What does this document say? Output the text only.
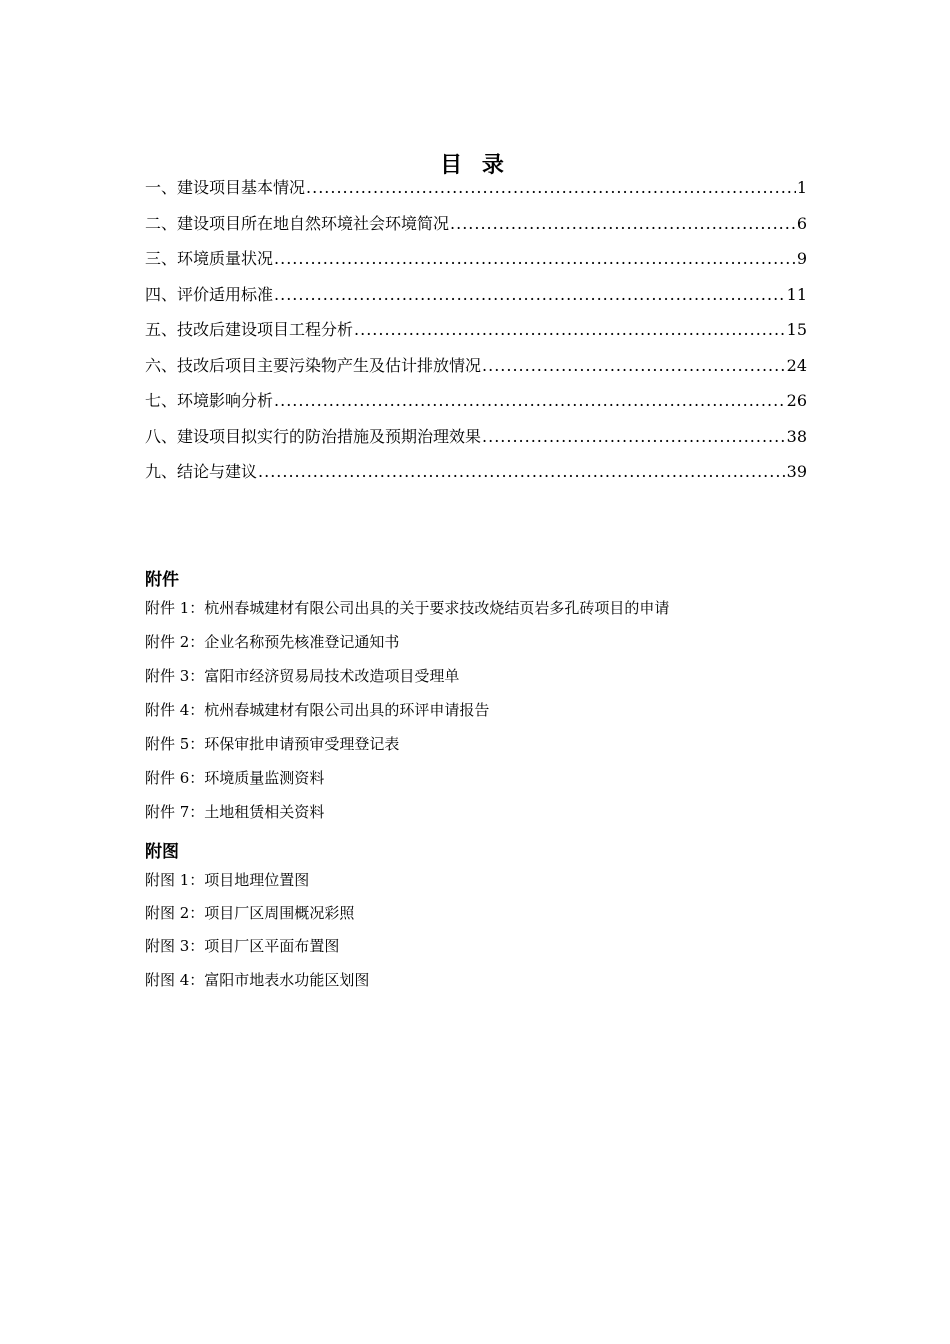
目 录
一、建设项目基本情况 .....	1
二、建设项目所在地自然环境社会环境简况 .....	6
三、环境质量状况 .....	9
四、评价适用标准 .....	11
五、技改后建设项目工程分析 .....	15
六、技改后项目主要污染物产生及估计排放情况 .....	24
七、环境影响分析 .....	26
八、建设项目拟实行的防治措施及预期治理效果 .....	38
九、结论与建议 .....	39
附件
附件 1：杭州春城建材有限公司出具的关于要求技改烧结页岩多孔砖项目的申请
附件 2：企业名称预先核准登记通知书
附件 3：富阳市经济贸易局技术改造项目受理单
附件 4：杭州春城建材有限公司出具的环评申请报告
附件 5：环保审批申请预审受理登记表
附件 6：环境质量监测资料
附件 7：土地租赁相关资料
附图
附图 1：项目地理位置图
附图 2：项目厂区周围概况彩照
附图 3：项目厂区平面布置图
附图 4：富阳市地表水功能区划图
